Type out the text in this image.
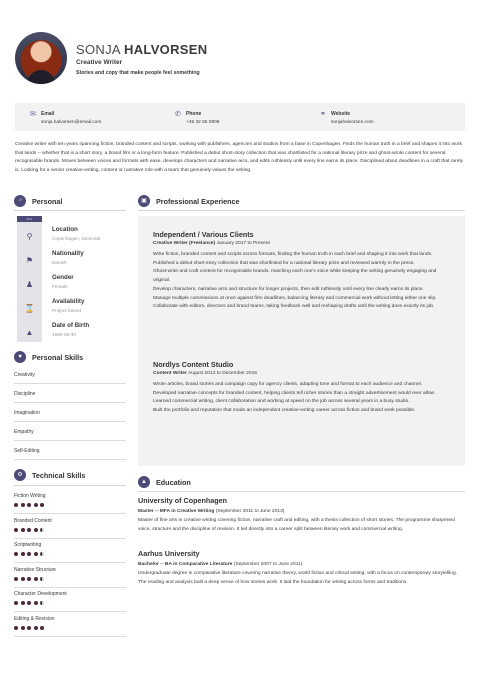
SONJA HALVORSEN
Creative Writer
Stories and copy that make people feel something
✉	Email
sonja.halvorsen@email.com
✆	Phone
+45 32 55 0906
⚭	Website
sonjahalvorsen.com
Creative writer with ten years spanning fiction, branded content and scripts, working with publishers, agencies and studios from a base in Copenhagen. Finds the human truth in a brief and shapes it into work that lands -- whether that is a short story, a brand film or a long-form feature. Published a debut short-story collection that was shortlisted for a national literary prize and ghost-wrote content for several recognisable brands. Moves between voices and formats with ease, develops characters and narrative arcs, and edits ruthlessly until every line earns its place. Disciplined about deadlines in a craft that rarely is. Looking for a senior creative-writing, content or narrative role with a team that genuinely values the writing.
♂	Personal
•••
⚲
Location
Copenhagen, Denmark
⚑
Nationality
Danish
♟
Gender
Female
⌛
Availability
Project-based
▲
Date of Birth
1989-05-30
♥	Personal Skills
Creativity
Discipline
Imagination
Empathy
Self-Editing
⚙	Technical Skills
Fiction Writing
Branded Content
Scriptwriting
Narrative Structure
Character Development
Editing & Revision
▣	Professional Experience
Independent / Various Clients
Creative Writer (Freelance) January 2017 to Present
Write fiction, branded content and scripts across formats, finding the human truth in each brief and shaping it into work that lands.
Published a debut short-story collection that was shortlisted for a national literary prize and reviewed warmly in the press.
Ghost-write and craft content for recognisable brands, matching each one's voice while keeping the writing genuinely engaging and original.
Develop characters, narrative arcs and structure for longer projects, then edit ruthlessly until every line clearly earns its place.
Manage multiple commissions at once against firm deadlines, balancing literary and commercial work without letting either one slip.
Collaborate with editors, directors and brand teams, taking feedback well and reshaping drafts until the writing does exactly its job.
Nordlys Content Studio
Content Writer August 2013 to December 2016
Wrote articles, brand stories and campaign copy for agency clients, adapting tone and format to each audience and channel.
Developed narrative concepts for branded content, helping clients tell richer stories than a straight advertisement would ever allow.
Learned commercial writing, client collaboration and working at speed on the job across several years in a busy studio.
Built the portfolio and reputation that made an independent creative-writing career across fiction and brand work possible.
▲	Education
University of Copenhagen
Master -- MFA in Creative Writing (September 2011 to June 2013)
Master of fine arts in creative writing covering fiction, narrative craft and editing, with a thesis collection of short stories. The programme sharpened voice, structure and the discipline of revision. It led directly into a career split between literary work and commercial writing.
Aarhus University
Bachelor -- BA in Comparative Literature (September 2007 to June 2011)
Undergraduate degree in comparative literature covering narrative theory, world fiction and critical writing, with a focus on contemporary storytelling. The reading and analysis built a deep sense of how stories work. It laid the foundation for writing across forms and traditions.
